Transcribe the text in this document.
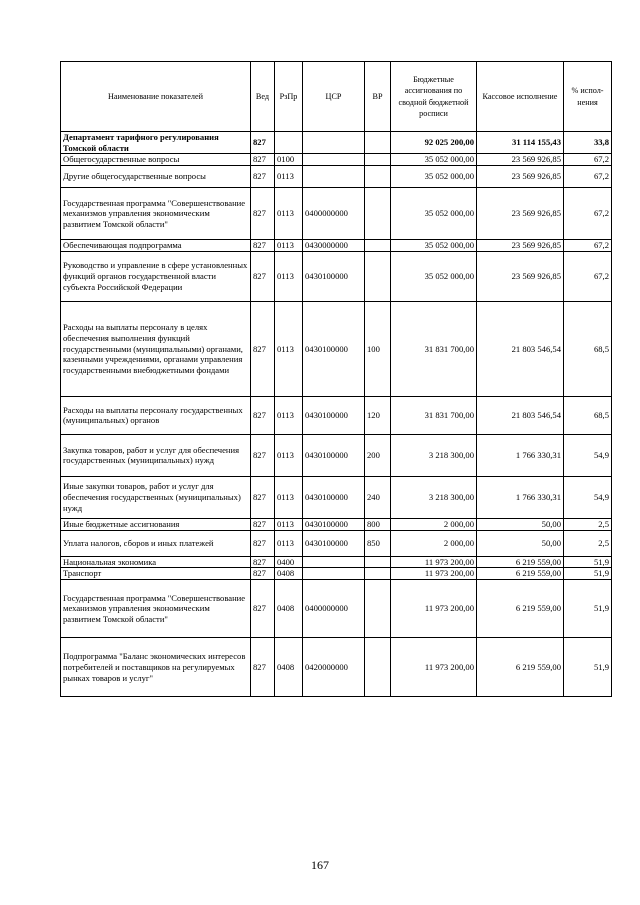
Наименование показателей	Вед	РзПр	ЦСР	ВР	Бюджетные ассигнования по сводной бюджетной росписи	Кассовое исполнение	% испол-нения
Департамент тарифного регулирования Томской области	827				92 025 200,00	31 114 155,43	33,8
Общегосударственные вопросы	827	0100			35 052 000,00	23 569 926,85	67,2
Другие общегосударственные вопросы	827	0113			35 052 000,00	23 569 926,85	67,2
Государственная программа "Совершенствование механизмов управления экономическим развитием Томской области"	827	0113	0400000000		35 052 000,00	23 569 926,85	67,2
Обеспечивающая подпрограмма	827	0113	0430000000		35 052 000,00	23 569 926,85	67,2
Руководство и управление в сфере установленных функций органов государственной власти субъекта Российской Федерации	827	0113	0430100000		35 052 000,00	23 569 926,85	67,2
Расходы на выплаты персоналу в целях обеспечения выполнения функций государственными (муниципальными) органами, казенными учреждениями, органами управления государственными внебюджетными фондами	827	0113	0430100000	100	31 831 700,00	21 803 546,54	68,5
Расходы на выплаты персоналу государственных (муниципальных) органов	827	0113	0430100000	120	31 831 700,00	21 803 546,54	68,5
Закупка товаров, работ и услуг для обеспечения государственных (муниципальных) нужд	827	0113	0430100000	200	3 218 300,00	1 766 330,31	54,9
Иные закупки товаров, работ и услуг для обеспечения государственных (муниципальных) нужд	827	0113	0430100000	240	3 218 300,00	1 766 330,31	54,9
Иные бюджетные ассигнования	827	0113	0430100000	800	2 000,00	50,00	2,5
Уплата налогов, сборов и иных платежей	827	0113	0430100000	850	2 000,00	50,00	2,5
Национальная экономика	827	0400			11 973 200,00	6 219 559,00	51,9
Транспорт	827	0408			11 973 200,00	6 219 559,00	51,9
Государственная программа "Совершенствование механизмов управления экономическим развитием Томской области"	827	0408	0400000000		11 973 200,00	6 219 559,00	51,9
Подпрограмма "Баланс экономических интересов потребителей и поставщиков на регулируемых рынках товаров и услуг"	827	0408	0420000000		11 973 200,00	6 219 559,00	51,9
167
